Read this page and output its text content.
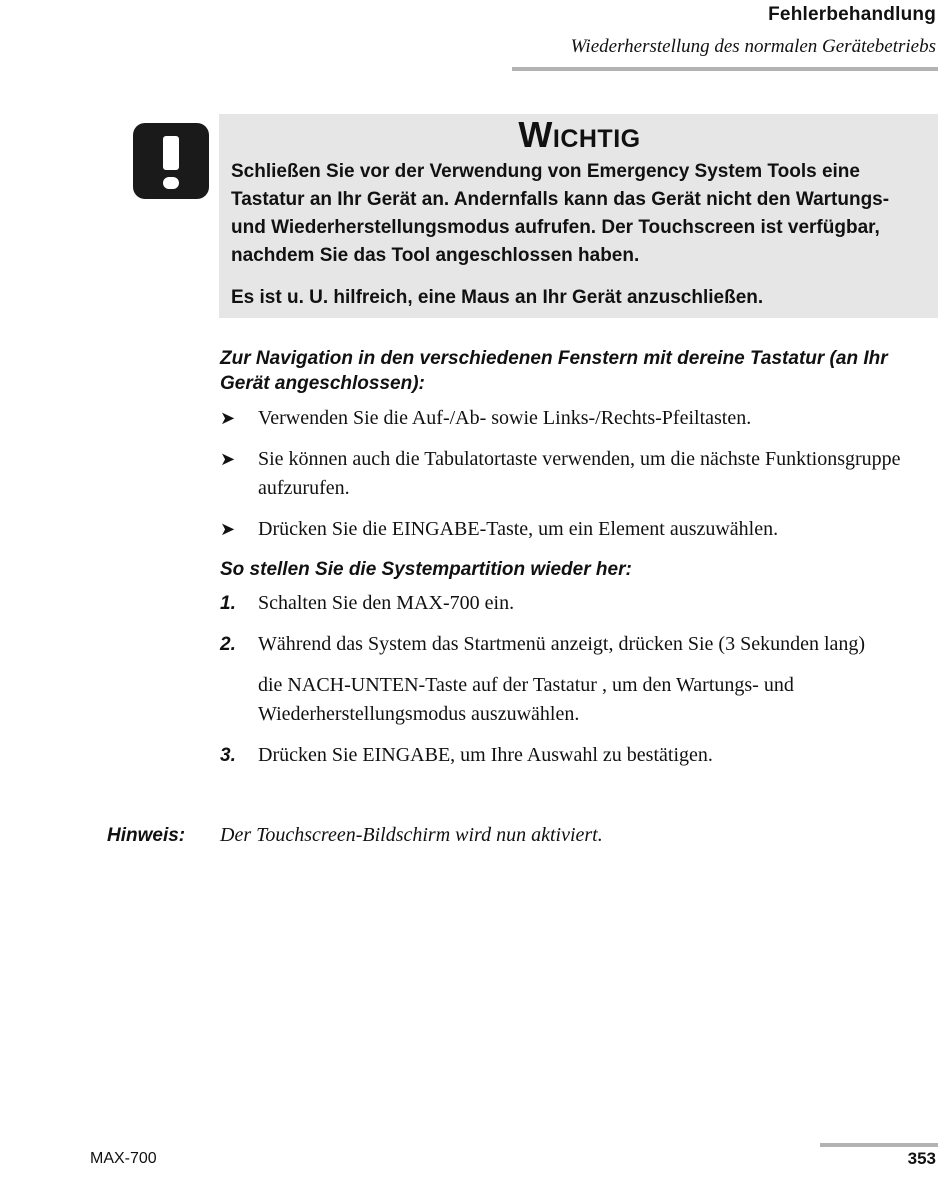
Fehlerbehandlung
Wiederherstellung des normalen Gerätebetriebs
Wichtig

Schließen Sie vor der Verwendung von Emergency System Tools eine Tastatur an Ihr Gerät an. Andernfalls kann das Gerät nicht den Wartungs- und Wiederherstellungsmodus aufrufen. Der Touchscreen ist verfügbar, nachdem Sie das Tool angeschlossen haben.

Es ist u. U. hilfreich, eine Maus an Ihr Gerät anzuschließen.

Zur Navigation in den verschiedenen Fenstern mit dereine Tastatur (an Ihr Gerät angeschlossen):
➤ Verwenden Sie die Auf-/Ab- sowie Links-/Rechts-Pfeiltasten.
➤ Sie können auch die Tabulatortaste verwenden, um die nächste Funktionsgruppe aufzurufen.
➤ Drücken Sie die EINGABE-Taste, um ein Element auszuwählen.
So stellen Sie die Systempartition wieder her:
1. Schalten Sie den MAX-700 ein.
2. Während das System das Startmenü anzeigt, drücken Sie (3 Sekunden lang)
die NACH-UNTEN-Taste auf der Tastatur , um den Wartungs- und Wiederherstellungsmodus auszuwählen.
3. Drücken Sie EINGABE, um Ihre Auswahl zu bestätigen.
Hinweis: Der Touchscreen-Bildschirm wird nun aktiviert.
MAX-700	353
